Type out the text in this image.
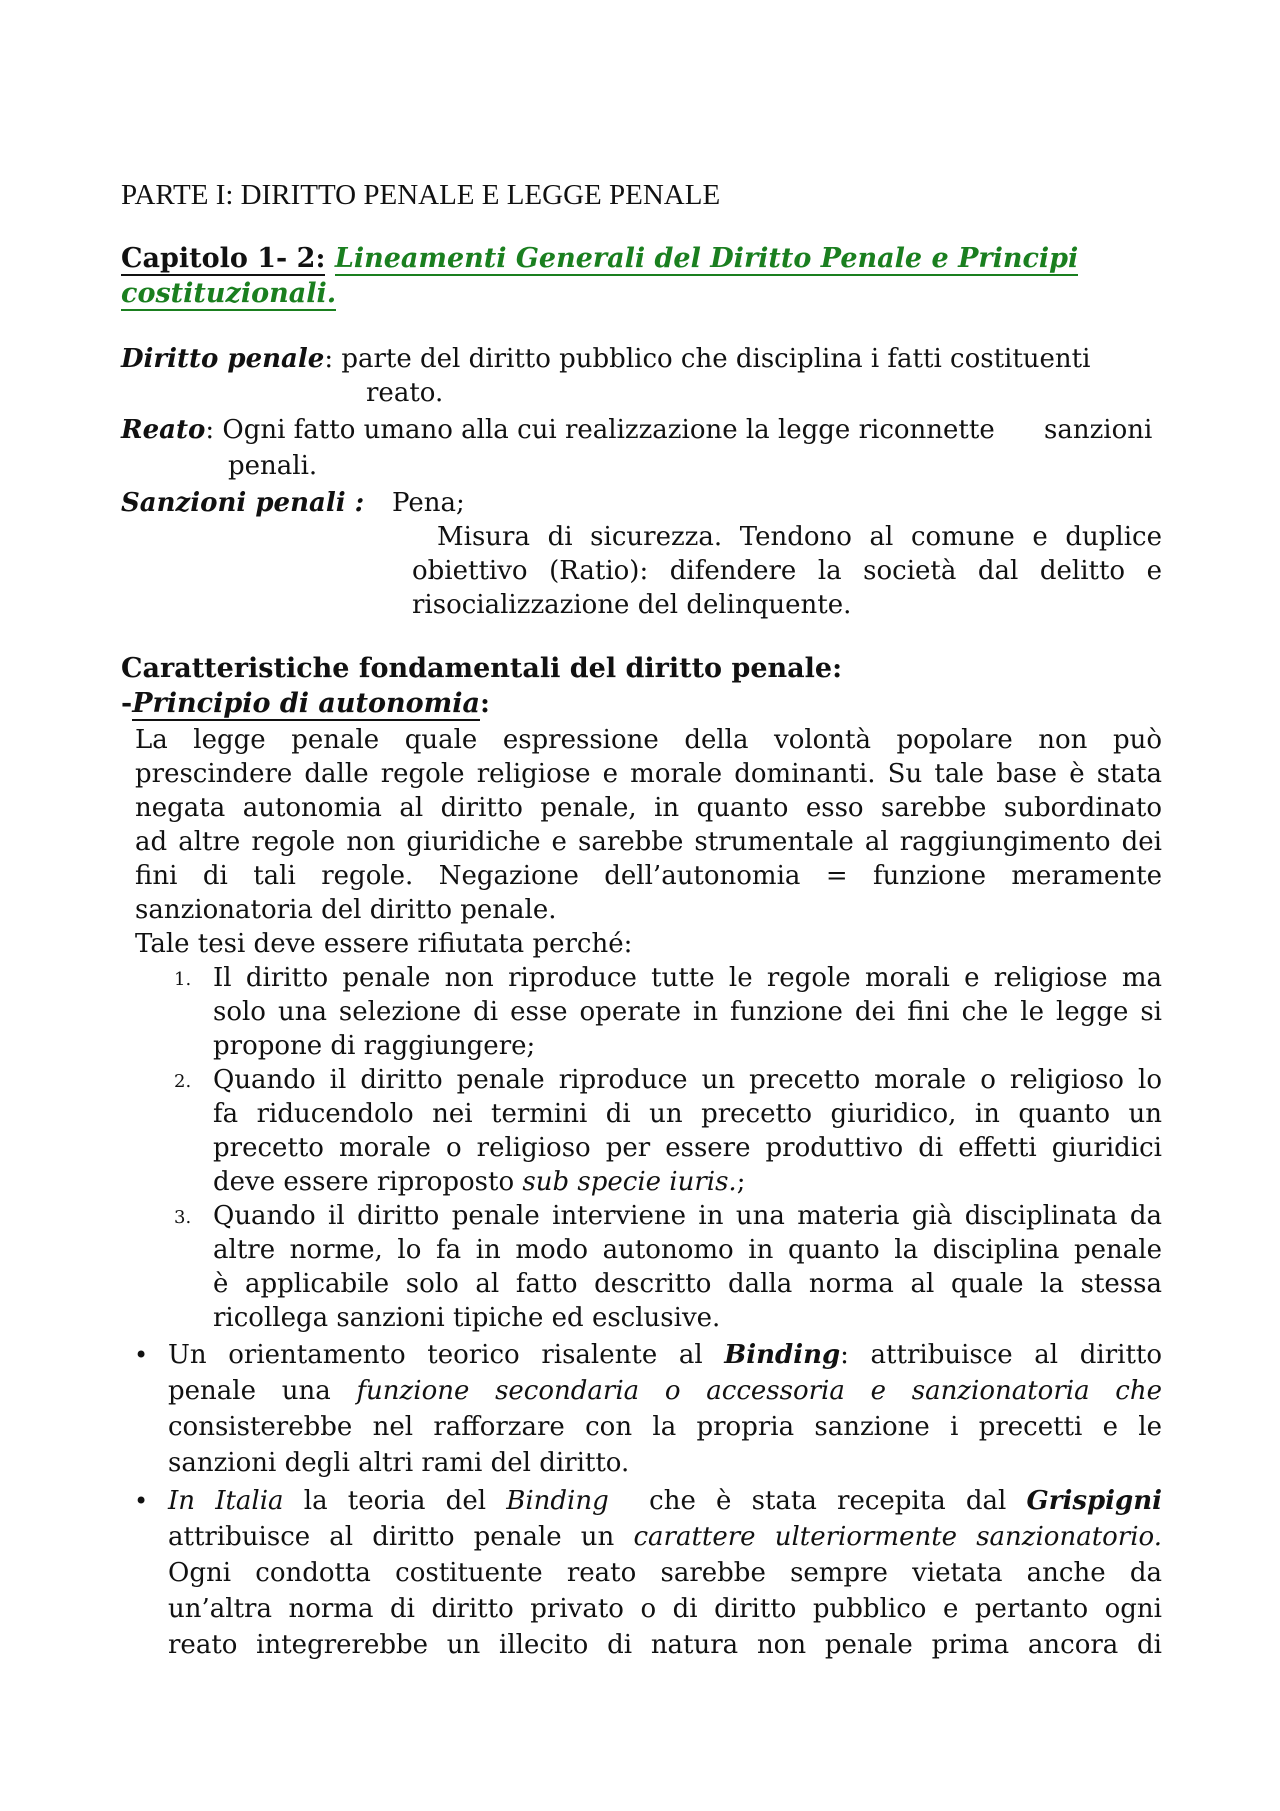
PARTE I: DIRITTO PENALE E LEGGE PENALE
Capitolo 1- 2: Lineamenti Generali del Diritto Penale e Principi
costituzionali.
Diritto penale: parte del diritto pubblico che disciplina i fatti costituenti
reato.
Reato: Ogni fatto umano alla cui realizzazione la legge riconnette sanzioni
penali.
Sanzioni penali : Pena;
Misura di sicurezza. Tendono al comune e duplice
obiettivo (Ratio): difendere la società dal delitto e
risocializzazione del delinquente.
Caratteristiche fondamentali del diritto penale:
-Principio di autonomia:
La legge penale quale espressione della volontà popolare non può
prescindere dalle regole religiose e morale dominanti. Su tale base è stata
negata autonomia al diritto penale, in quanto esso sarebbe subordinato
ad altre regole non giuridiche e sarebbe strumentale al raggiungimento dei
fini di tali regole. Negazione dell’autonomia = funzione meramente
sanzionatoria del diritto penale.
Tale tesi deve essere rifiutata perché:
1. Il diritto penale non riproduce tutte le regole morali e religiose ma
solo una selezione di esse operate in funzione dei fini che le legge si
propone di raggiungere;
2. Quando il diritto penale riproduce un precetto morale o religioso lo
fa riducendolo nei termini di un precetto giuridico, in quanto un
precetto morale o religioso per essere produttivo di effetti giuridici
deve essere riproposto sub specie iuris.;
3. Quando il diritto penale interviene in una materia già disciplinata da
altre norme, lo fa in modo autonomo in quanto la disciplina penale
è applicabile solo al fatto descritto dalla norma al quale la stessa
ricollega sanzioni tipiche ed esclusive.
• Un orientamento teorico risalente al Binding: attribuisce al diritto
penale una funzione secondaria o accessoria e sanzionatoria che
consisterebbe nel rafforzare con la propria sanzione i precetti e le
sanzioni degli altri rami del diritto.
• In Italia la teoria del Binding  che è stata recepita dal Grispigni
attribuisce al diritto penale un carattere ulteriormente sanzionatorio.
Ogni condotta costituente reato sarebbe sempre vietata anche da
un’altra norma di diritto privato o di diritto pubblico e pertanto ogni
reato integrerebbe un illecito di natura non penale prima ancora di
